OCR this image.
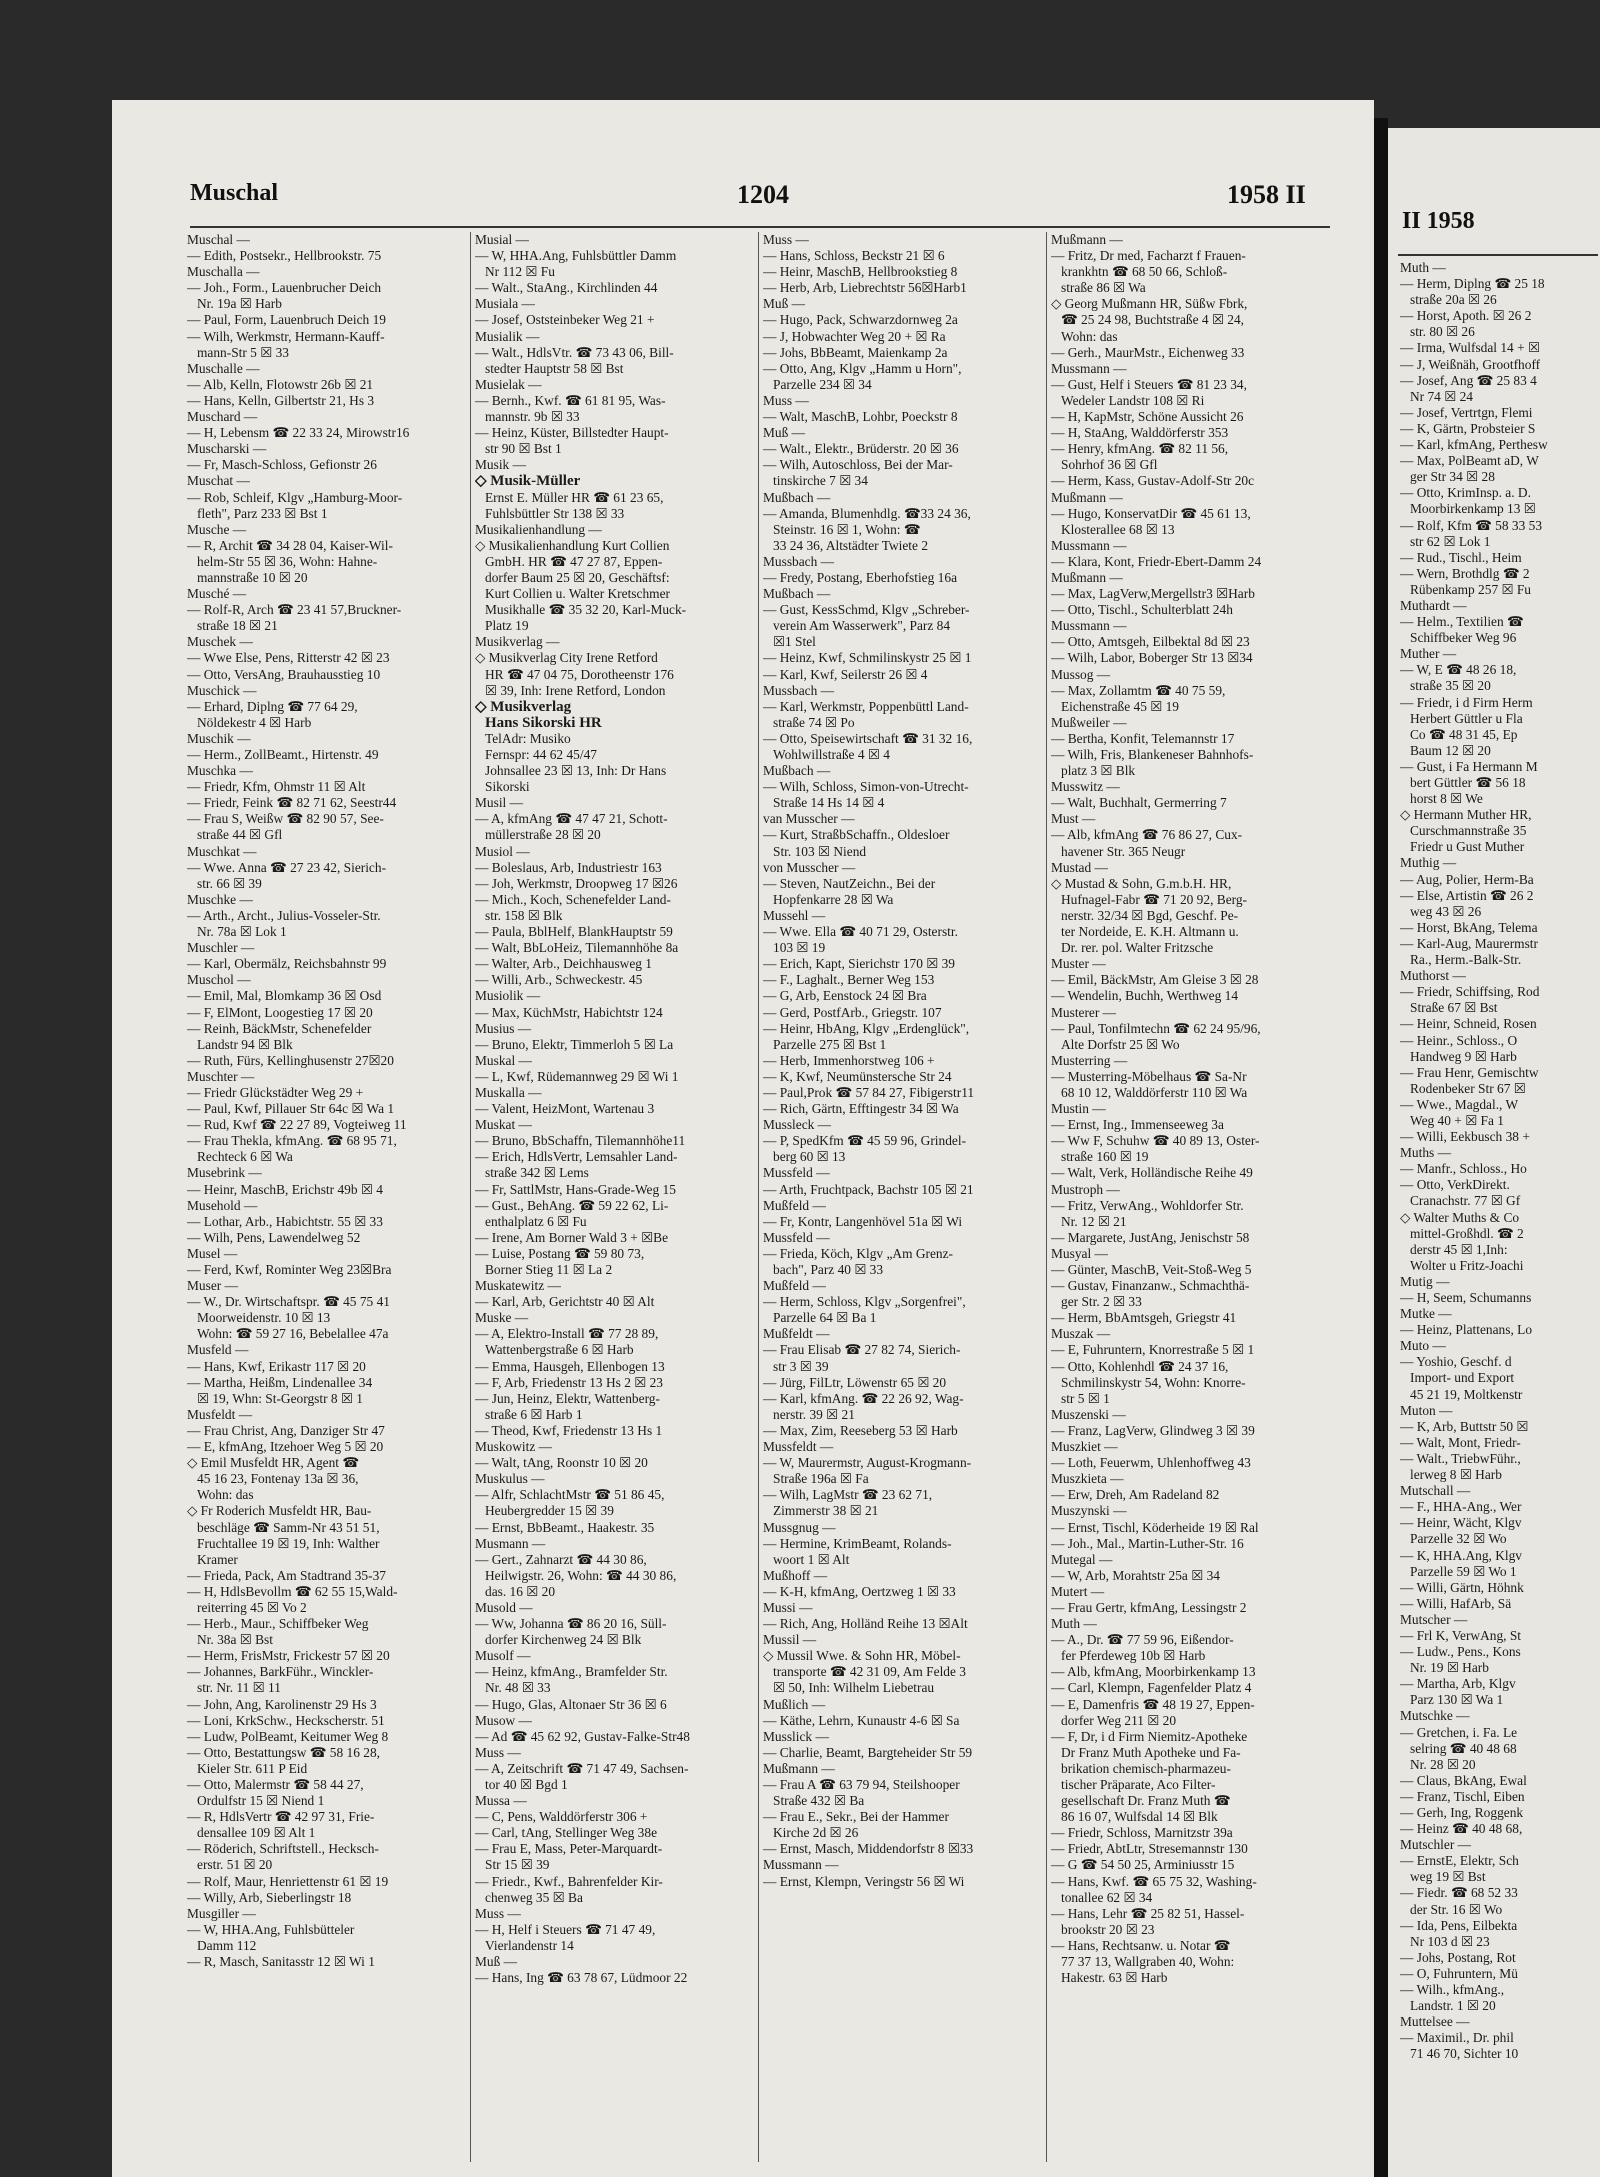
Muschal	1204	1958 II
Muschal —
— Edith, Postsekr., Hellbrookstr. 75
Muschalla —
— Joh., Form., Lauenbrucher Deich
Nr. 19a ☒ Harb
— Paul, Form, Lauenbruch Deich 19
— Wilh, Werkmstr, Hermann-Kauff-
mann-Str 5 ☒ 33
Muschalle —
— Alb, Kelln, Flotowstr 26b ☒ 21
— Hans, Kelln, Gilbertstr 21, Hs 3
Muschard —
— H, Lebensm ☎ 22 33 24, Mirowstr16
Muscharski —
— Fr, Masch-Schloss, Gefionstr 26
Muschat —
— Rob, Schleif, Klgv „Hamburg-Moor-
fleth", Parz 233 ☒ Bst 1
Musche —
— R, Archit ☎ 34 28 04, Kaiser-Wil-
helm-Str 55 ☒ 36, Wohn: Hahne-
mannstraße 10 ☒ 20
Musché —
— Rolf-R, Arch ☎ 23 41 57,Bruckner-
straße 18 ☒ 21
Muschek —
— Wwe Else, Pens, Ritterstr 42 ☒ 23
— Otto, VersAng, Brauhausstieg 10
Muschick —
— Erhard, Diplng ☎ 77 64 29,
Nöldekestr 4 ☒ Harb
Muschik —
— Herm., ZollBeamt., Hirtenstr. 49
Muschka —
— Friedr, Kfm, Ohmstr 11 ☒ Alt
— Friedr, Feink ☎ 82 71 62, Seestr44
— Frau S, Weißw ☎ 82 90 57, See-
straße 44 ☒ Gfl
Muschkat —
— Wwe. Anna ☎ 27 23 42, Sierich-
str. 66 ☒ 39
Muschke —
— Arth., Archt., Julius-Vosseler-Str.
Nr. 78a ☒ Lok 1
Muschler —
— Karl, Obermälz, Reichsbahnstr 99
Muschol —
— Emil, Mal, Blomkamp 36 ☒ Osd
— F, ElMont, Loogestieg 17 ☒ 20
— Reinh, BäckMstr, Schenefelder
Landstr 94 ☒ Blk
— Ruth, Fürs, Kellinghusenstr 27☒20
Muschter —
— Friedr Glückstädter Weg 29 +
— Paul, Kwf, Pillauer Str 64c ☒ Wa 1
— Rud, Kwf ☎ 22 27 89, Vogteiweg 11
— Frau Thekla, kfmAng. ☎ 68 95 71,
Rechteck 6 ☒ Wa
Musebrink —
— Heinr, MaschB, Erichstr 49b ☒ 4
Musehold —
— Lothar, Arb., Habichtstr. 55 ☒ 33
— Wilh, Pens, Lawendelweg 52
Musel —
— Ferd, Kwf, Rominter Weg 23☒Bra
Muser —
— W., Dr. Wirtschaftspr. ☎ 45 75 41
Moorweidenstr. 10 ☒ 13
Wohn: ☎ 59 27 16, Bebelallee 47a
Musfeld —
— Hans, Kwf, Erikastr 117 ☒ 20
— Martha, Heißm, Lindenallee 34
☒ 19, Whn: St-Georgstr 8 ☒ 1
Musfeldt —
— Frau Christ, Ang, Danziger Str 47
— E, kfmAng, Itzehoer Weg 5 ☒ 20
◇ Emil Musfeldt HR, Agent ☎
45 16 23, Fontenay 13a ☒ 36,
Wohn: das
◇ Fr Roderich Musfeldt HR, Bau-
beschläge ☎ Samm-Nr 43 51 51,
Fruchtallee 19 ☒ 19, Inh: Walther
Kramer
— Frieda, Pack, Am Stadtrand 35-37
— H, HdlsBevollm ☎ 62 55 15,Wald-
reiterring 45 ☒ Vo 2
— Herb., Maur., Schiffbeker Weg
Nr. 38a ☒ Bst
— Herm, FrisMstr, Frickestr 57 ☒ 20
— Johannes, BarkFühr., Winckler-
str. Nr. 11 ☒ 11
— John, Ang, Karolinenstr 29 Hs 3
— Loni, KrkSchw., Heckscherstr. 51
— Ludw, PolBeamt, Keitumer Weg 8
— Otto, Bestattungsw ☎ 58 16 28,
Kieler Str. 611 P Eid
— Otto, Malermstr ☎ 58 44 27,
Ordulfstr 15 ☒ Niend 1
— R, HdlsVertr ☎ 42 97 31, Frie-
densallee 109 ☒ Alt 1
— Röderich, Schriftstell., Hecksch-
erstr. 51 ☒ 20
— Rolf, Maur, Henriettenstr 61 ☒ 19
— Willy, Arb, Sieberlingstr 18
Musgiller —
— W, HHA.Ang, Fuhlsbütteler
Damm 112
— R, Masch, Sanitasstr 12 ☒ Wi 1
Musial —
— W, HHA.Ang, Fuhlsbüttler Damm
Nr 112 ☒ Fu
— Walt., StaAng., Kirchlinden 44
Musiala —
— Josef, Oststeinbeker Weg 21 +
Musialik —
— Walt., HdlsVtr. ☎ 73 43 06, Bill-
stedter Hauptstr 58 ☒ Bst
Musielak —
— Bernh., Kwf. ☎ 61 81 95, Was-
mannstr. 9b ☒ 33
— Heinz, Küster, Billstedter Haupt-
str 90 ☒ Bst 1
Musik —
◇ Musik-Müller
Ernst E. Müller HR ☎ 61 23 65,
Fuhlsbüttler Str 138 ☒ 33
Musikalienhandlung —
◇ Musikalienhandlung Kurt Collien
GmbH. HR ☎ 47 27 87, Eppen-
dorfer Baum 25 ☒ 20, Geschäftsf:
Kurt Collien u. Walter Kretschmer
Musikhalle ☎ 35 32 20, Karl-Muck-
Platz 19
Musikverlag —
◇ Musikverlag City Irene Retford
HR ☎ 47 04 75, Dorotheenstr 176
☒ 39, Inh: Irene Retford, London
◇ Musikverlag
Hans Sikorski HR
TelAdr: Musiko
Fernspr: 44 62 45/47
Johnsallee 23 ☒ 13, Inh: Dr Hans
Sikorski
Musil —
— A, kfmAng ☎ 47 47 21, Schott-
müllerstraße 28 ☒ 20
Musiol —
— Boleslaus, Arb, Industriestr 163
— Joh, Werkmstr, Droopweg 17 ☒26
— Mich., Koch, Schenefelder Land-
str. 158 ☒ Blk
— Paula, BblHelf, BlankHauptstr 59
— Walt, BbLoHeiz, Tilemannhöhe 8a
— Walter, Arb., Deichhausweg 1
— Willi, Arb., Schweckestr. 45
Musiolik —
— Max, KüchMstr, Habichtstr 124
Musius —
— Bruno, Elektr, Timmerloh 5 ☒ La
Muskal —
— L, Kwf, Rüdemannweg 29 ☒ Wi 1
Muskalla —
— Valent, HeizMont, Wartenau 3
Muskat —
— Bruno, BbSchaffn, Tilemannhöhe11
— Erich, HdlsVertr, Lemsahler Land-
straße 342 ☒ Lems
— Fr, SattlMstr, Hans-Grade-Weg 15
— Gust., BehAng. ☎ 59 22 62, Li-
enthalplatz 6 ☒ Fu
— Irene, Am Borner Wald 3 + ☒Be
— Luise, Postang ☎ 59 80 73,
Borner Stieg 11 ☒ La 2
Muskatewitz —
— Karl, Arb, Gerichtstr 40 ☒ Alt
Muske —
— A, Elektro-Install ☎ 77 28 89,
Wattenbergstraße 6 ☒ Harb
— Emma, Hausgeh, Ellenbogen 13
— F, Arb, Friedenstr 13 Hs 2 ☒ 23
— Jun, Heinz, Elektr, Wattenberg-
straße 6 ☒ Harb 1
— Theod, Kwf, Friedenstr 13 Hs 1
Muskowitz —
— Walt, tAng, Roonstr 10 ☒ 20
Muskulus —
— Alfr, SchlachtMstr ☎ 51 86 45,
Heubergredder 15 ☒ 39
— Ernst, BbBeamt., Haakestr. 35
Musmann —
— Gert., Zahnarzt ☎ 44 30 86,
Heilwigstr. 26, Wohn: ☎ 44 30 86,
das. 16 ☒ 20
Musold —
— Ww, Johanna ☎ 86 20 16, Süll-
dorfer Kirchenweg 24 ☒ Blk
Musolf —
— Heinz, kfmAng., Bramfelder Str.
Nr. 48 ☒ 33
— Hugo, Glas, Altonaer Str 36 ☒ 6
Musow —
— Ad ☎ 45 62 92, Gustav-Falke-Str48
Muss —
— A, Zeitschrift ☎ 71 47 49, Sachsen-
tor 40 ☒ Bgd 1
Mussa —
— C, Pens, Walddörferstr 306 +
— Carl, tAng, Stellinger Weg 38e
— Frau E, Mass, Peter-Marquardt-
Str 15 ☒ 39
— Friedr., Kwf., Bahrenfelder Kir-
chenweg 35 ☒ Ba
Muss —
— H, Helf i Steuers ☎ 71 47 49,
Vierlandenstr 14
Muß —
— Hans, Ing ☎ 63 78 67, Lüdmoor 22
Muss —
— Hans, Schloss, Beckstr 21 ☒ 6
— Heinr, MaschB, Hellbrookstieg 8
— Herb, Arb, Liebrechtstr 56☒Harb1
Muß —
— Hugo, Pack, Schwarzdornweg 2a
— J, Hobwachter Weg 20 + ☒ Ra
— Johs, BbBeamt, Maienkamp 2a
— Otto, Ang, Klgv „Hamm u Horn",
Parzelle 234 ☒ 34
Muss —
— Walt, MaschB, Lohbr, Poeckstr 8
Muß —
— Walt., Elektr., Brüderstr. 20 ☒ 36
— Wilh, Autoschloss, Bei der Mar-
tinskirche 7 ☒ 34
Mußbach —
— Amanda, Blumenhdlg. ☎33 24 36,
Steinstr. 16 ☒ 1, Wohn: ☎
33 24 36, Altstädter Twiete 2
Mussbach —
— Fredy, Postang, Eberhofstieg 16a
Mußbach —
— Gust, KessSchmd, Klgv „Schreber-
verein Am Wasserwerk", Parz 84
☒1 Stel
— Heinz, Kwf, Schmilinskystr 25 ☒ 1
— Karl, Kwf, Seilerstr 26 ☒ 4
Mussbach —
— Karl, Werkmstr, Poppenbüttl Land-
straße 74 ☒ Po
— Otto, Speisewirtschaft ☎ 31 32 16,
Wohlwillstraße 4 ☒ 4
Mußbach —
— Wilh, Schloss, Simon-von-Utrecht-
Straße 14 Hs 14 ☒ 4
van Musscher —
— Kurt, StraßbSchaffn., Oldesloer
Str. 103 ☒ Niend
von Musscher —
— Steven, NautZeichn., Bei der
Hopfenkarre 28 ☒ Wa
Mussehl —
— Wwe. Ella ☎ 40 71 29, Osterstr.
103 ☒ 19
— Erich, Kapt, Sierichstr 170 ☒ 39
— F., Laghalt., Berner Weg 153
— G, Arb, Eenstock 24 ☒ Bra
— Gerd, PostfArb., Griegstr. 107
— Heinr, HbAng, Klgv „Erdenglück",
Parzelle 275 ☒ Bst 1
— Herb, Immenhorstweg 106 +
— K, Kwf, Neumünstersche Str 24
— Paul,Prok ☎ 57 84 27, Fibigerstr11
— Rich, Gärtn, Efftingestr 34 ☒ Wa
Mussleck —
— P, SpedKfm ☎ 45 59 96, Grindel-
berg 60 ☒ 13
Mussfeld —
— Arth, Fruchtpack, Bachstr 105 ☒ 21
Mußfeld —
— Fr, Kontr, Langenhövel 51a ☒ Wi
Mussfeld —
— Frieda, Köch, Klgv „Am Grenz-
bach", Parz 40 ☒ 33
Mußfeld —
— Herm, Schloss, Klgv „Sorgenfrei",
Parzelle 64 ☒ Ba 1
Mußfeldt —
— Frau Elisab ☎ 27 82 74, Sierich-
str 3 ☒ 39
— Jürg, FilLtr, Löwenstr 65 ☒ 20
— Karl, kfmAng. ☎ 22 26 92, Wag-
nerstr. 39 ☒ 21
— Max, Zim, Reeseberg 53 ☒ Harb
Mussfeldt —
— W, Maurermstr, August-Krogmann-
Straße 196a ☒ Fa
— Wilh, LagMstr ☎ 23 62 71,
Zimmerstr 38 ☒ 21
Mussgnug —
— Hermine, KrimBeamt, Rolands-
woort 1 ☒ Alt
Mußhoff —
— K-H, kfmAng, Oertzweg 1 ☒ 33
Mussi —
— Rich, Ang, Holländ Reihe 13 ☒Alt
Mussil —
◇ Mussil Wwe. & Sohn HR, Möbel-
transporte ☎ 42 31 09, Am Felde 3
☒ 50, Inh: Wilhelm Liebetrau
Mußlich —
— Käthe, Lehrn, Kunaustr 4-6 ☒ Sa
Musslick —
— Charlie, Beamt, Bargteheider Str 59
Mußmann —
— Frau A ☎ 63 79 94, Steilshooper
Straße 432 ☒ Ba
— Frau E., Sekr., Bei der Hammer
Kirche 2d ☒ 26
— Ernst, Masch, Middendorfstr 8 ☒33
Mussmann —
— Ernst, Klempn, Veringstr 56 ☒ Wi
Mußmann —
— Fritz, Dr med, Facharzt f Frauen-
krankhtn ☎ 68 50 66, Schloß-
straße 86 ☒ Wa
◇ Georg Mußmann HR, Süßw Fbrk,
☎ 25 24 98, Buchtstraße 4 ☒ 24,
Wohn: das
— Gerh., MaurMstr., Eichenweg 33
Mussmann —
— Gust, Helf i Steuers ☎ 81 23 34,
Wedeler Landstr 108 ☒ Ri
— H, KapMstr, Schöne Aussicht 26
— H, StaAng, Walddörferstr 353
— Henry, kfmAng. ☎ 82 11 56,
Sohrhof 36 ☒ Gfl
— Herm, Kass, Gustav-Adolf-Str 20c
Mußmann —
— Hugo, KonservatDir ☎ 45 61 13,
Klosterallee 68 ☒ 13
Mussmann —
— Klara, Kont, Friedr-Ebert-Damm 24
Mußmann —
— Max, LagVerw,Mergellstr3 ☒Harb
— Otto, Tischl., Schulterblatt 24h
Mussmann —
— Otto, Amtsgeh, Eilbektal 8d ☒ 23
— Wilh, Labor, Boberger Str 13 ☒34
Mussog —
— Max, Zollamtm ☎ 40 75 59,
Eichenstraße 45 ☒ 19
Mußweiler —
— Bertha, Konfit, Telemannstr 17
— Wilh, Fris, Blankeneser Bahnhofs-
platz 3 ☒ Blk
Musswitz —
— Walt, Buchhalt, Germerring 7
Must —
— Alb, kfmAng ☎ 76 86 27, Cux-
havener Str. 365 Neugr
Mustad —
◇ Mustad & Sohn, G.m.b.H. HR,
Hufnagel-Fabr ☎ 71 20 92, Berg-
nerstr. 32/34 ☒ Bgd, Geschf. Pe-
ter Nordeide, E. K.H. Altmann u.
Dr. rer. pol. Walter Fritzsche
Muster —
— Emil, BäckMstr, Am Gleise 3 ☒ 28
— Wendelin, Buchh, Werthweg 14
Musterer —
— Paul, Tonfilmtechn ☎ 62 24 95/96,
Alte Dorfstr 25 ☒ Wo
Musterring —
— Musterring-Möbelhaus ☎ Sa-Nr
68 10 12, Walddörferstr 110 ☒ Wa
Mustin —
— Ernst, Ing., Immenseeweg 3a
— Ww F, Schuhw ☎ 40 89 13, Oster-
straße 160 ☒ 19
— Walt, Verk, Holländische Reihe 49
Mustroph —
— Fritz, VerwAng., Wohldorfer Str.
Nr. 12 ☒ 21
— Margarete, JustAng, Jenischstr 58
Musyal —
— Günter, MaschB, Veit-Stoß-Weg 5
— Gustav, Finanzanw., Schmachthä-
ger Str. 2 ☒ 33
— Herm, BbAmtsgeh, Griegstr 41
Muszak —
— E, Fuhruntern, Knorrestraße 5 ☒ 1
— Otto, Kohlenhdl ☎ 24 37 16,
Schmilinskystr 54, Wohn: Knorre-
str 5 ☒ 1
Muszenski —
— Franz, LagVerw, Glindweg 3 ☒ 39
Muszkiet —
— Loth, Feuerwm, Uhlenhoffweg 43
Muszkieta —
— Erw, Dreh, Am Radeland 82
Muszynski —
— Ernst, Tischl, Köderheide 19 ☒ Ral
— Joh., Mal., Martin-Luther-Str. 16
Mutegal —
— W, Arb, Morahtstr 25a ☒ 34
Mutert —
— Frau Gertr, kfmAng, Lessingstr 2
Muth —
— A., Dr. ☎ 77 59 96, Eißendor-
fer Pferdeweg 10b ☒ Harb
— Alb, kfmAng, Moorbirkenkamp 13
— Carl, Klempn, Fagenfelder Platz 4
— E, Damenfris ☎ 48 19 27, Eppen-
dorfer Weg 211 ☒ 20
— F, Dr, i d Firm Niemitz-Apotheke
Dr Franz Muth Apotheke und Fa-
brikation chemisch-pharmazeu-
tischer Präparate, Aco Filter-
gesellschaft Dr. Franz Muth ☎
86 16 07, Wulfsdal 14 ☒ Blk
— Friedr, Schloss, Marnitzstr 39a
— Friedr, AbtLtr, Stresemannstr 130
— G ☎ 54 50 25, Arminiusstr 15
— Hans, Kwf. ☎ 65 75 32, Washing-
tonallee 62 ☒ 34
— Hans, Lehr ☎ 25 82 51, Hassel-
brookstr 20 ☒ 23
— Hans, Rechtsanw. u. Notar ☎
77 37 13, Wallgraben 40, Wohn:
Hakestr. 63 ☒ Harb
II 1958
Muth —
— Herm, Diplng ☎ 25 18
straße 20a ☒ 26
— Horst, Apoth. ☒ 26 2
str. 80 ☒ 26
— Irma, Wulfsdal 14 + ☒
— J, Weißnäh, Grootfhoff
— Josef, Ang ☎ 25 83 4
Nr 74 ☒ 24
— Josef, Vertrtgn, Flemi
— K, Gärtn, Probsteier S
— Karl, kfmAng, Perthesw
— Max, PolBeamt aD, W
ger Str 34 ☒ 28
— Otto, KrimInsp. a. D.
Moorbirkenkamp 13 ☒
— Rolf, Kfm ☎ 58 33 53
str 62 ☒ Lok 1
— Rud., Tischl., Heim
— Wern, Brothdlg ☎ 2
Rübenkamp 257 ☒ Fu
Muthardt —
— Helm., Textilien ☎
Schiffbeker Weg 96
Muther —
— W, E ☎ 48 26 18,
straße 35 ☒ 20
— Friedr, i d Firm Herm
Herbert Güttler u Fla
Co ☎ 48 31 45, Ep
Baum 12 ☒ 20
— Gust, i Fa Hermann M
bert Güttler ☎ 56 18
horst 8 ☒ We
◇ Hermann Muther HR,
Curschmannstraße 35
Friedr u Gust Muther
Muthig —
— Aug, Polier, Herm-Ba
— Else, Artistin ☎ 26 2
weg 43 ☒ 26
— Horst, BkAng, Telema
— Karl-Aug, Maurermstr
Ra., Herm.-Balk-Str.
Muthorst —
— Friedr, Schiffsing, Rod
Straße 67 ☒ Bst
— Heinr, Schneid, Rosen
— Heinr., Schloss., O
Handweg 9 ☒ Harb
— Frau Henr, Gemischtw
Rodenbeker Str 67 ☒
— Wwe., Magdal., W
Weg 40 + ☒ Fa 1
— Willi, Eekbusch 38 +
Muths —
— Manfr., Schloss., Ho
— Otto, VerkDirekt.
Cranachstr. 77 ☒ Gf
◇ Walter Muths & Co
mittel-Großhdl. ☎ 2
derstr 45 ☒ 1,Inh:
Wolter u Fritz-Joachi
Mutig —
— H, Seem, Schumanns
Mutke —
— Heinz, Plattenans, Lo
Muto —
— Yoshio, Geschf. d
Import- und Export
45 21 19, Moltkenstr
Muton —
— K, Arb, Buttstr 50 ☒
— Walt, Mont, Friedr-
— Walt., TriebwFühr.,
lerweg 8 ☒ Harb
Mutschall —
— F., HHA-Ang., Wer
— Heinr, Wächt, Klgv
Parzelle 32 ☒ Wo
— K, HHA.Ang, Klgv
Parzelle 59 ☒ Wo 1
— Willi, Gärtn, Höhnk
— Willi, HafArb, Sä
Mutscher —
— Frl K, VerwAng, St
— Ludw., Pens., Kons
Nr. 19 ☒ Harb
— Martha, Arb, Klgv
Parz 130 ☒ Wa 1
Mutschke —
— Gretchen, i. Fa. Le
selring ☎ 40 48 68
Nr. 28 ☒ 20
— Claus, BkAng, Ewal
— Franz, Tischl, Eiben
— Gerh, Ing, Roggenk
— Heinz ☎ 40 48 68,
Mutschler —
— ErnstE, Elektr, Sch
weg 19 ☒ Bst
— Fiedr. ☎ 68 52 33
der Str. 16 ☒ Wo
— Ida, Pens, Eilbekta
Nr 103 d ☒ 23
— Johs, Postang, Rot
— O, Fuhruntern, Mü
— Wilh., kfmAng.,
Landstr. 1 ☒ 20
Muttelsee —
— Maximil., Dr. phil
71 46 70, Sichter 10
